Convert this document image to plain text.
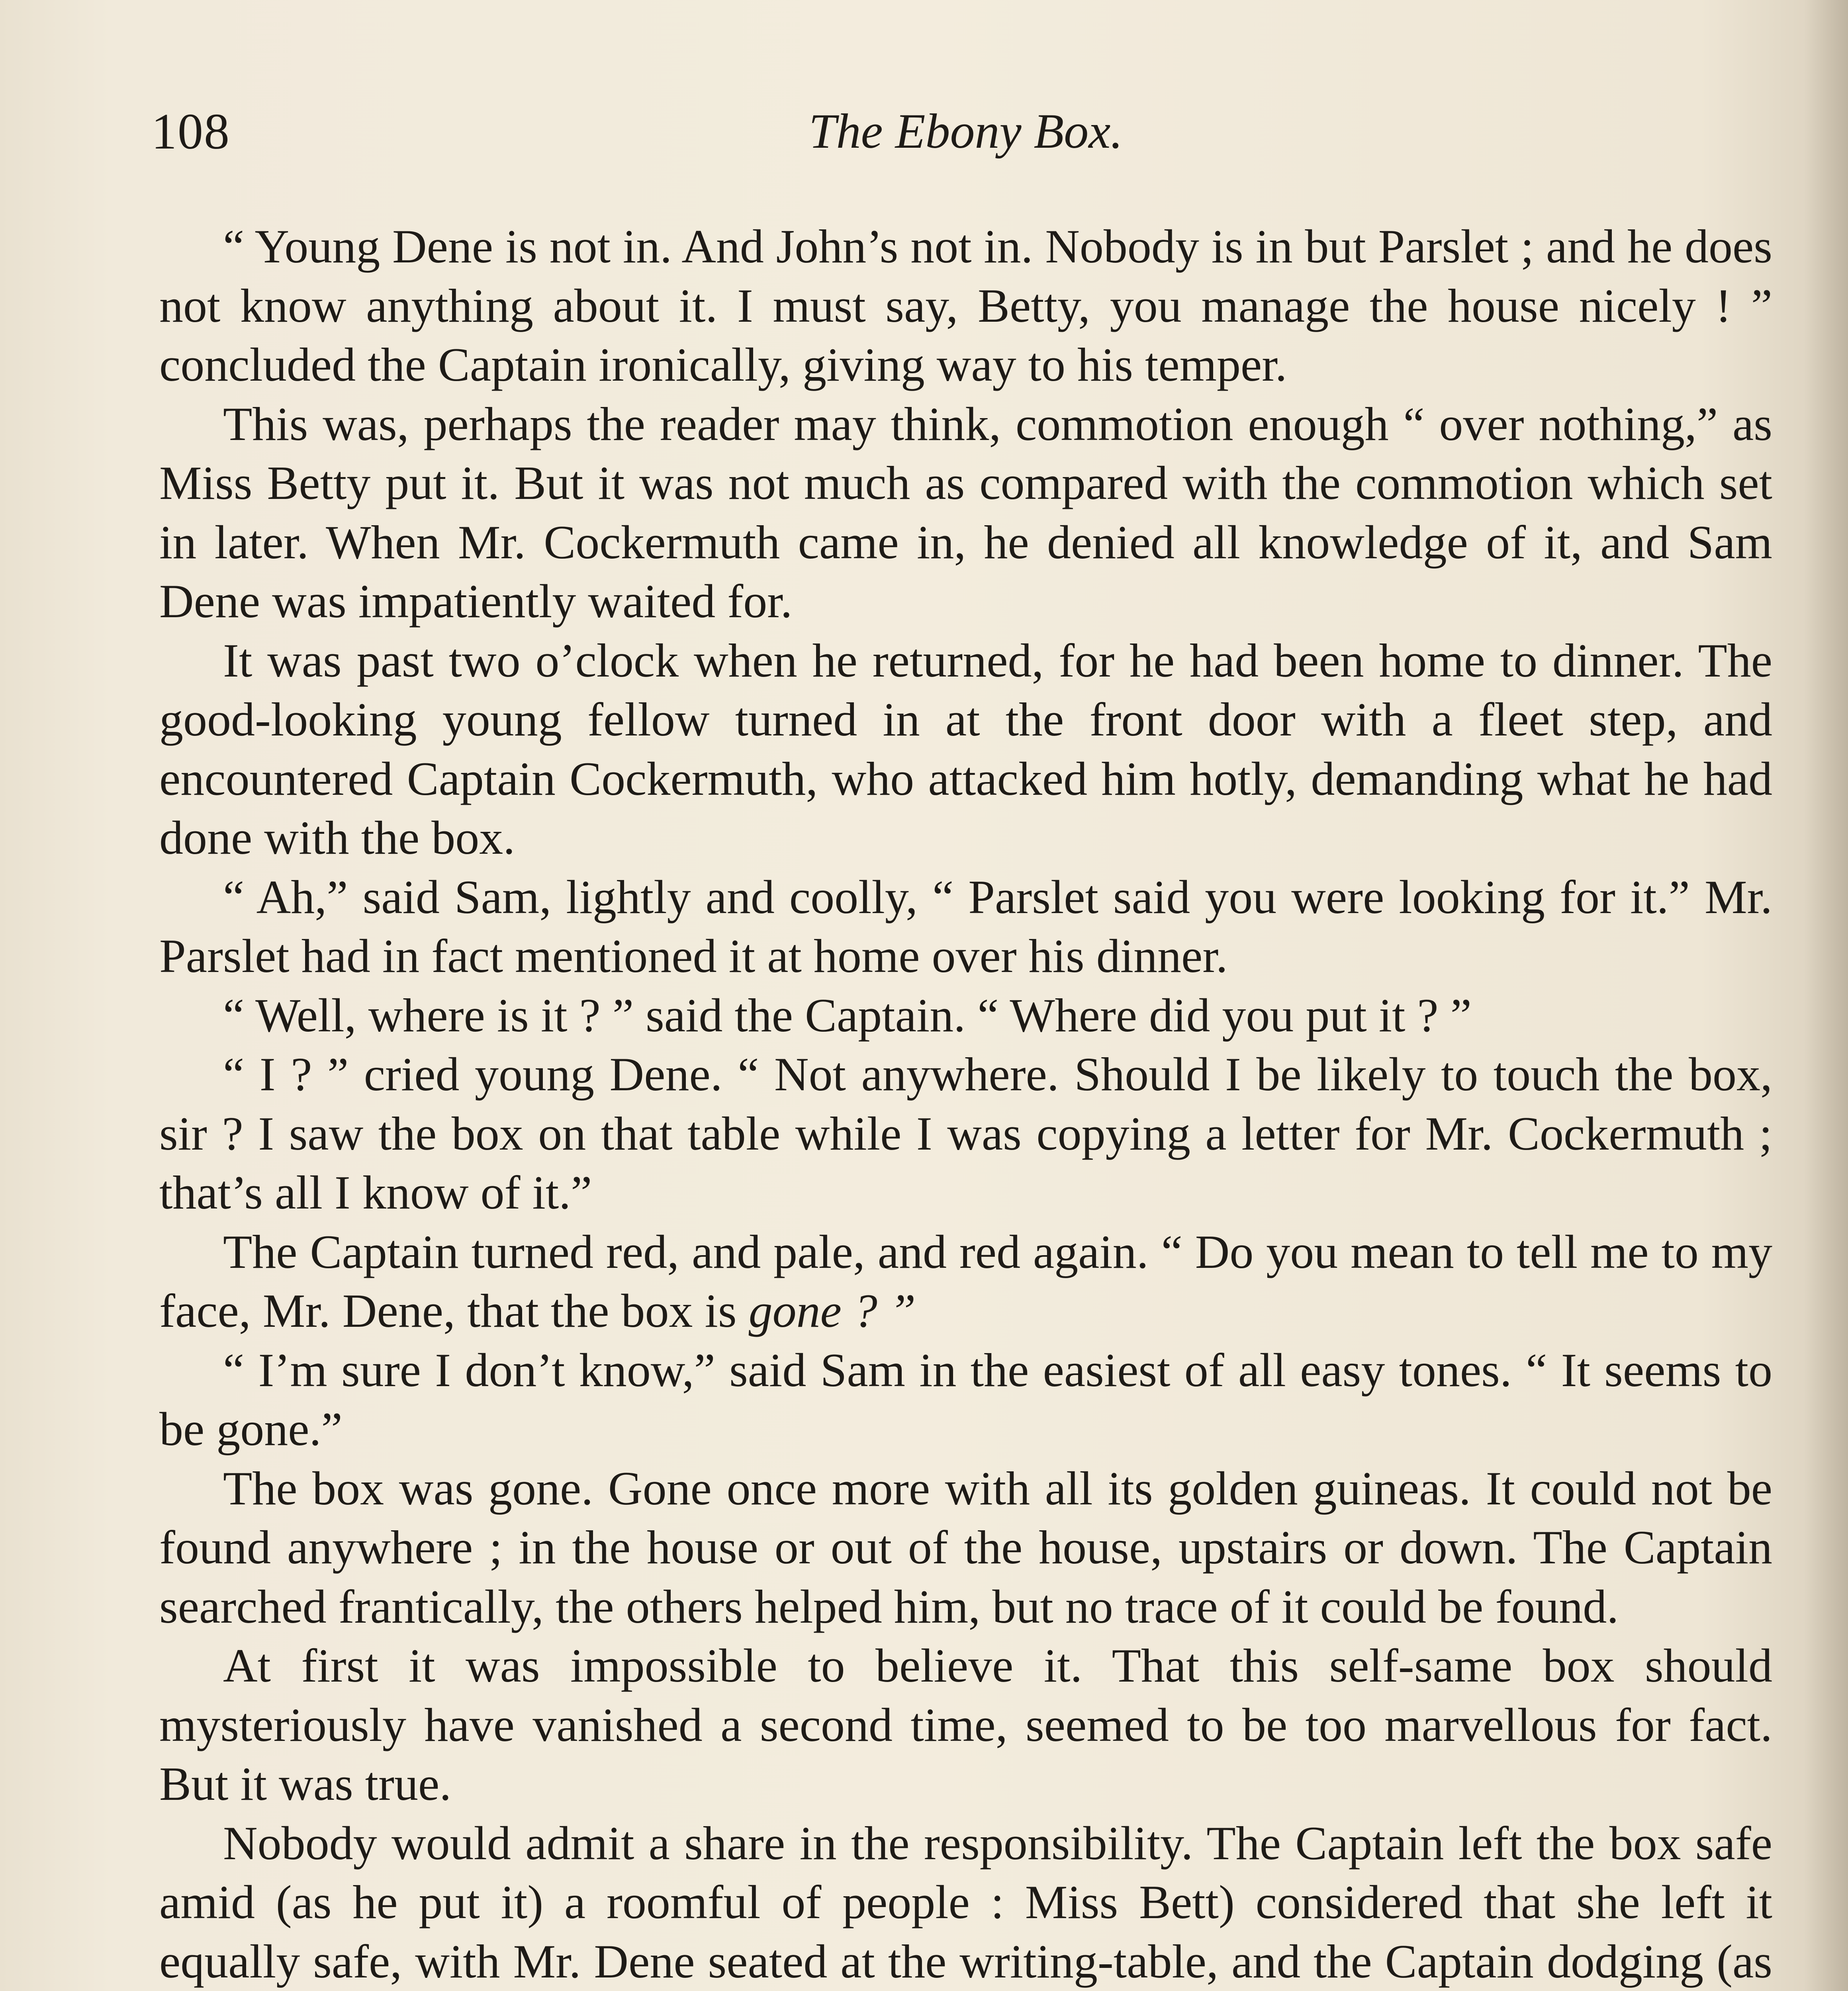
108	The Ebony Box.

“ Young Dene is not in. And John’s not in. Nobody is in but Parslet ; and he does not know anything about it. I must say, Betty, you manage the house nicely ! ” concluded the Captain ironically, giving way to his temper.

This was, perhaps the reader may think, commotion enough “ over nothing,” as Miss Betty put it. But it was not much as compared with the commotion which set in later. When Mr. Cockermuth came in, he denied all knowledge of it, and Sam Dene was impatiently waited for.

It was past two o’clock when he returned, for he had been home to dinner. The good-looking young fellow turned in at the front door with a fleet step, and encountered Captain Cockermuth, who attacked him hotly, demanding what he had done with the box.

“ Ah,” said Sam, lightly and coolly, “ Parslet said you were looking for it.” Mr. Parslet had in fact mentioned it at home over his dinner.

“ Well, where is it ? ” said the Captain. “ Where did you put it ? ”

“ I ? ” cried young Dene. “ Not anywhere. Should I be likely to touch the box, sir ? I saw the box on that table while I was copying a letter for Mr. Cockermuth ; that’s all I know of it.”

The Captain turned red, and pale, and red again. “ Do you mean to tell me to my face, Mr. Dene, that the box is gone ? ”

“ I’m sure I don’t know,” said Sam in the easiest of all easy tones. “ It seems to be gone.”

The box was gone. Gone once more with all its golden guineas. It could not be found anywhere ; in the house or out of the house, upstairs or down. The Captain searched frantically, the others helped him, but no trace of it could be found.

At first it was impossible to believe it. That this self-same box should mysteriously have vanished a second time, seemed to be too marvellous for fact. But it was true.

Nobody would admit a share in the responsibility. The Captain left the box safe amid (as he put it) a roomful of people : Miss Bett) considered that she left it equally safe, with Mr. Dene seated at the writing-table, and the Captain dodging (as
